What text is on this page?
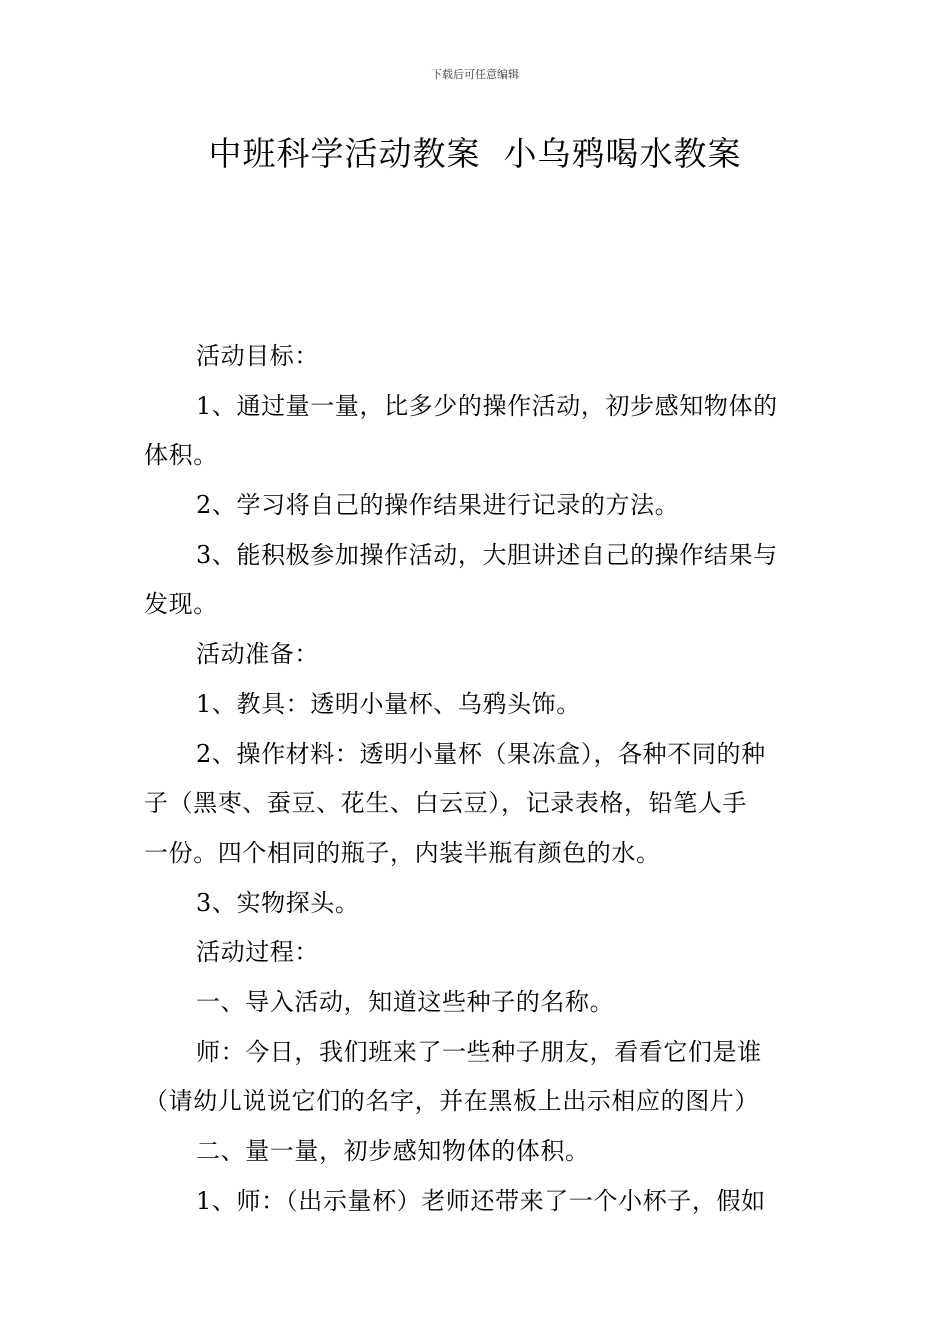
下载后可任意编辑
中班科学活动教案  小乌鸦喝水教案
活动目标：
1、通过量一量，比多少的操作活动，初步感知物体的
体积。
2、学习将自己的操作结果进行记录的方法。
3、能积极参加操作活动，大胆讲述自己的操作结果与
发现。
活动准备：
1、教具：透明小量杯、乌鸦头饰。
2、操作材料：透明小量杯（果冻盒），各种不同的种
子（黑枣、蚕豆、花生、白云豆），记录表格，铅笔人手
一份。四个相同的瓶子，内装半瓶有颜色的水。
3、实物探头。
活动过程：
一、导入活动，知道这些种子的名称。
师：今日，我们班来了一些种子朋友，看看它们是谁
（请幼儿说说它们的名字，并在黑板上出示相应的图片）
二、量一量，初步感知物体的体积。
1、师：（出示量杯）老师还带来了一个小杯子，假如
